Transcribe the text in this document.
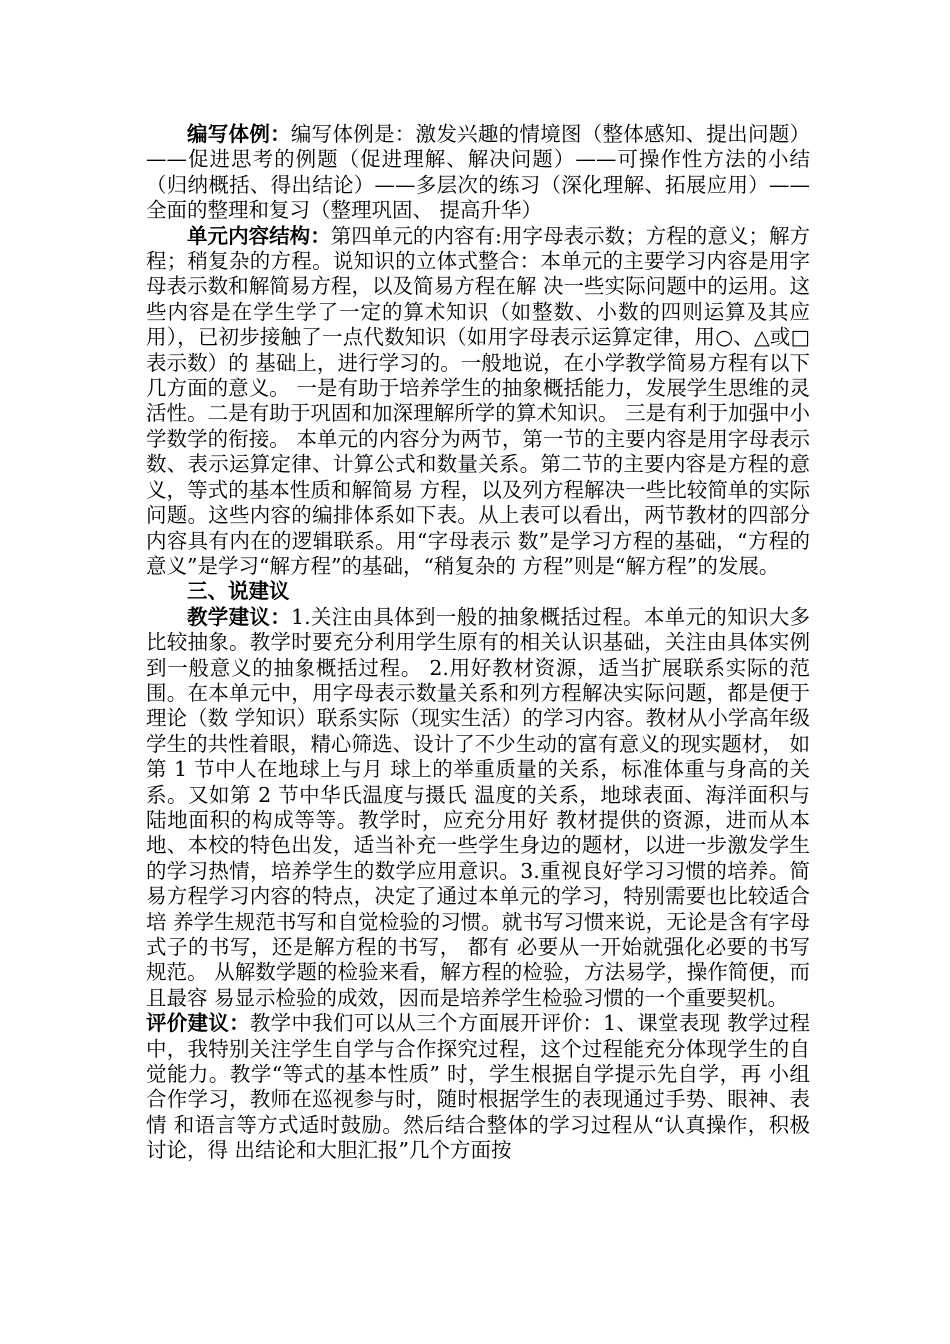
编写体例：编写体例是：激发兴趣的情境图（整体感知、提出问题）——促进思考的例题（促进理解、解决问题）——可操作性方法的小结（归纳概括、得出结论）——多层次的练习（深化理解、拓展应用）——全面的整理和复习（整理巩固、 提高升华）

单元内容结构：第四单元的内容有:用字母表示数；方程的意义；解方程；稍复杂的方程。说知识的立体式整合：本单元的主要学习内容是用字母表示数和解简易方程，以及简易方程在解 决一些实际问题中的运用。这些内容是在学生学了一定的算术知识（如整数、小数的四则运算及其应用），已初步接触了一点代数知识（如用字母表示运算定律，用○、△或□表示数）的 基础上，进行学习的。一般地说，在小学教学简易方程有以下几方面的意义。 一是有助于培养学生的抽象概括能力，发展学生思维的灵活性。二是有助于巩固和加深理解所学的算术知识。 三是有利于加强中小学数学的衔接。 本单元的内容分为两节，第一节的主要内容是用字母表示数、表示运算定律、计算公式和数量关系。第二节的主要内容是方程的意义，等式的基本性质和解简易 方程，以及列方程解决一些比较简单的实际问题。这些内容的编排体系如下表。从上表可以看出，两节教材的四部分内容具有内在的逻辑联系。用“字母表示 数”是学习方程的基础，“方程的意义”是学习“解方程”的基础，“稍复杂的 方程”则是“解方程”的发展。

三、说建议

教学建议：1.关注由具体到一般的抽象概括过程。本单元的知识大多比较抽象。教学时要充分利用学生原有的相关认识基础，关注由具体实例到一般意义的抽象概括过程。 2.用好教材资源，适当扩展联系实际的范围。在本单元中，用字母表示数量关系和列方程解决实际问题，都是便于理论（数 学知识）联系实际（现实生活）的学习内容。教材从小学高年级学生的共性着眼，精心筛选、设计了不少生动的富有意义的现实题材， 如第 1 节中人在地球上与月 球上的举重质量的关系，标准体重与身高的关系。又如第 2 节中华氏温度与摄氏 温度的关系，地球表面、海洋面积与陆地面积的构成等等。教学时，应充分用好 教材提供的资源，进而从本地、本校的特色出发，适当补充一些学生身边的题材，以进一步激发学生的学习热情，培养学生的数学应用意识。3.重视良好学习习惯的培养。简易方程学习内容的特点，决定了通过本单元的学习，特别需要也比较适合培 养学生规范书写和自觉检验的习惯。就书写习惯来说，无论是含有字母式子的书写，还是解方程的书写， 都有 必要从一开始就强化必要的书写规范。 从解数学题的检验来看，解方程的检验，方法易学，操作简便，而且最容 易显示检验的成效，因而是培养学生检验习惯的一个重要契机。

评价建议：教学中我们可以从三个方面展开评价：1、课堂表现 教学过程中，我特别关注学生自学与合作探究过程，这个过程能充分体现学生的自觉能力。教学“等式的基本性质” 时，学生根据自学提示先自学，再 小组合作学习，教师在巡视参与时，随时根据学生的表现通过手势、眼神、表情 和语言等方式适时鼓励。然后结合整体的学习过程从“认真操作，积极讨论，得 出结论和大胆汇报”几个方面按
